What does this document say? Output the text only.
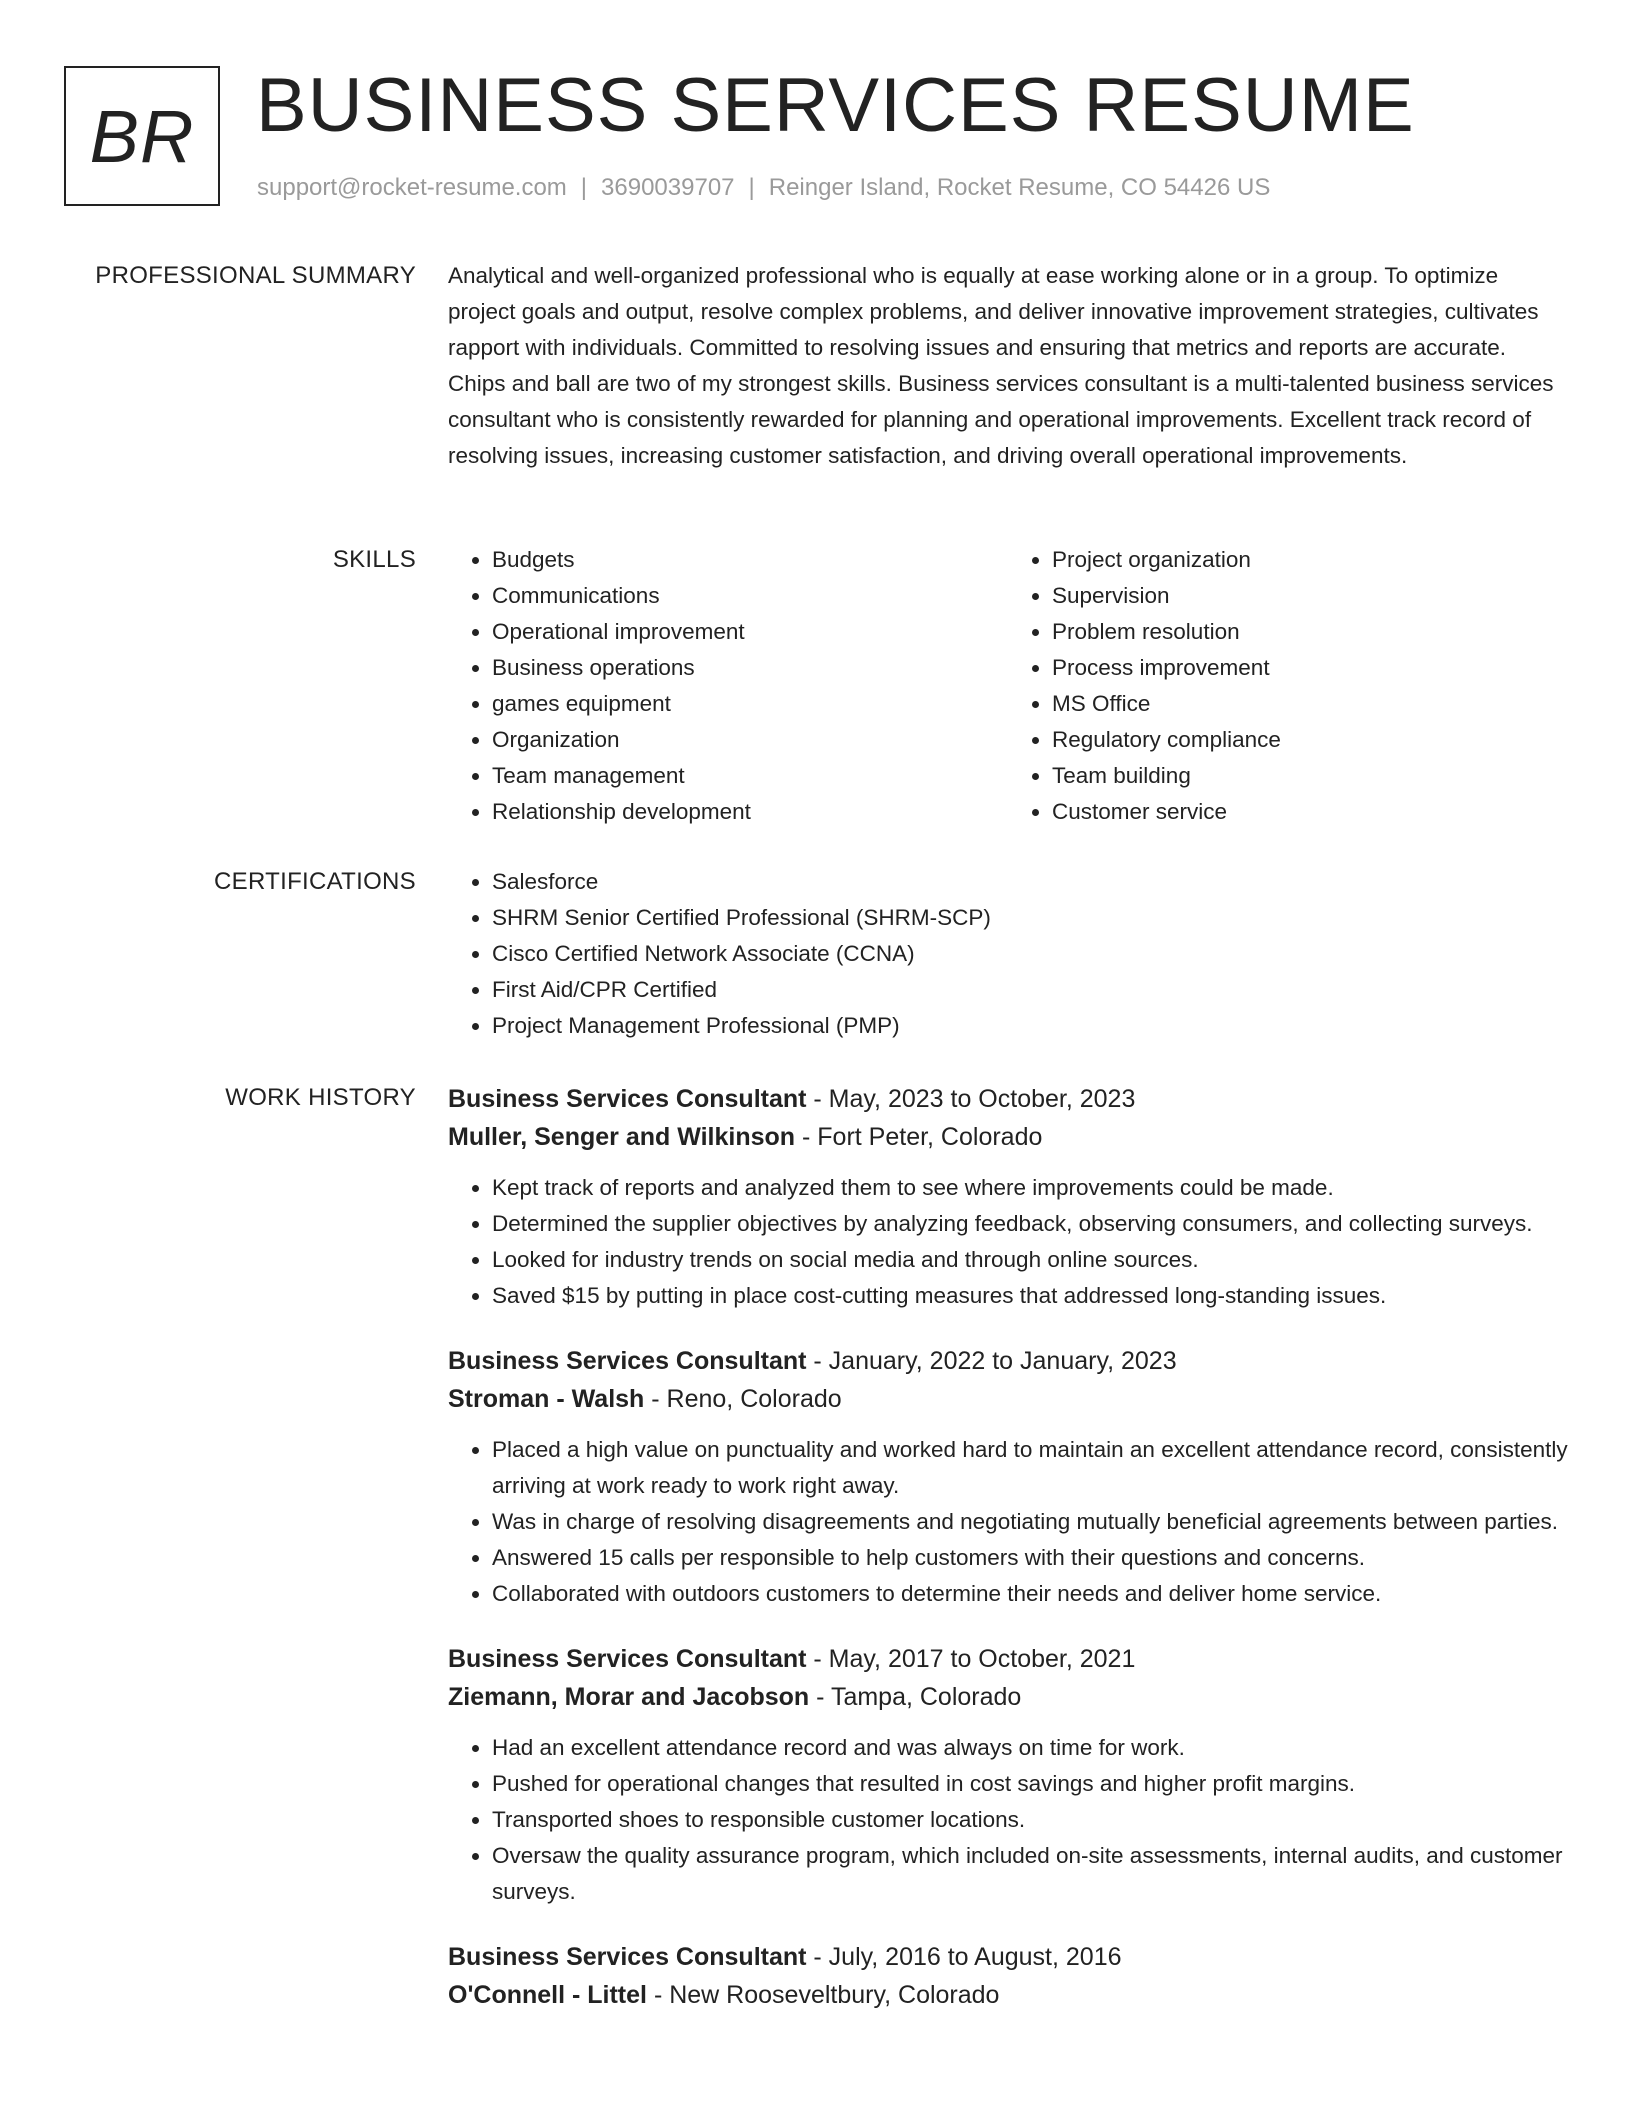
BR BUSINESS SERVICES RESUME
support@rocket-resume.com | 3690039707 | Reinger Island, Rocket Resume, CO 54426 US
PROFESSIONAL SUMMARY Analytical and well-organized professional who is equally at ease working alone or in a group. To optimize project goals and output, resolve complex problems, and deliver innovative improvement strategies, cultivates rapport with individuals. Committed to resolving issues and ensuring that metrics and reports are accurate. Chips and ball are two of my strongest skills. Business services consultant is a multi-talented business services consultant who is consistently rewarded for planning and operational improvements. Excellent track record of resolving issues, increasing customer satisfaction, and driving overall operational improvements.

SKILLS	• Budgets
• Communications
• Operational improvement
• Business operations
• games equipment
• Organization
• Team management
• Relationship development
• Project organization
• Supervision
• Problem resolution
• Process improvement
• MS Office
• Regulatory compliance
• Team building
• Customer service
CERTIFICATIONS	• Salesforce
• SHRM Senior Certified Professional (SHRM-SCP)
• Cisco Certified Network Associate (CCNA)
• First Aid/CPR Certified
• Project Management Professional (PMP)
WORK HISTORY Business Services Consultant - May, 2023 to October, 2023
Muller, Senger and Wilkinson - Fort Peter, Colorado
• Kept track of reports and analyzed them to see where improvements could be made.
• Determined the supplier objectives by analyzing feedback, observing consumers, and collecting surveys.
• Looked for industry trends on social media and through online sources.
• Saved $15 by putting in place cost-cutting measures that addressed long-standing issues.
Business Services Consultant - January, 2022 to January, 2023
Stroman - Walsh - Reno, Colorado
• Placed a high value on punctuality and worked hard to maintain an excellent attendance record, consistently arriving at work ready to work right away.
• Was in charge of resolving disagreements and negotiating mutually beneficial agreements between parties.
• Answered 15 calls per responsible to help customers with their questions and concerns.
• Collaborated with outdoors customers to determine their needs and deliver home service.
Business Services Consultant - May, 2017 to October, 2021
Ziemann, Morar and Jacobson - Tampa, Colorado
• Had an excellent attendance record and was always on time for work.
• Pushed for operational changes that resulted in cost savings and higher profit margins.
• Transported shoes to responsible customer locations.
• Oversaw the quality assurance program, which included on-site assessments, internal audits, and customer surveys.
Business Services Consultant - July, 2016 to August, 2016
O'Connell - Littel - New Rooseveltbury, Colorado
